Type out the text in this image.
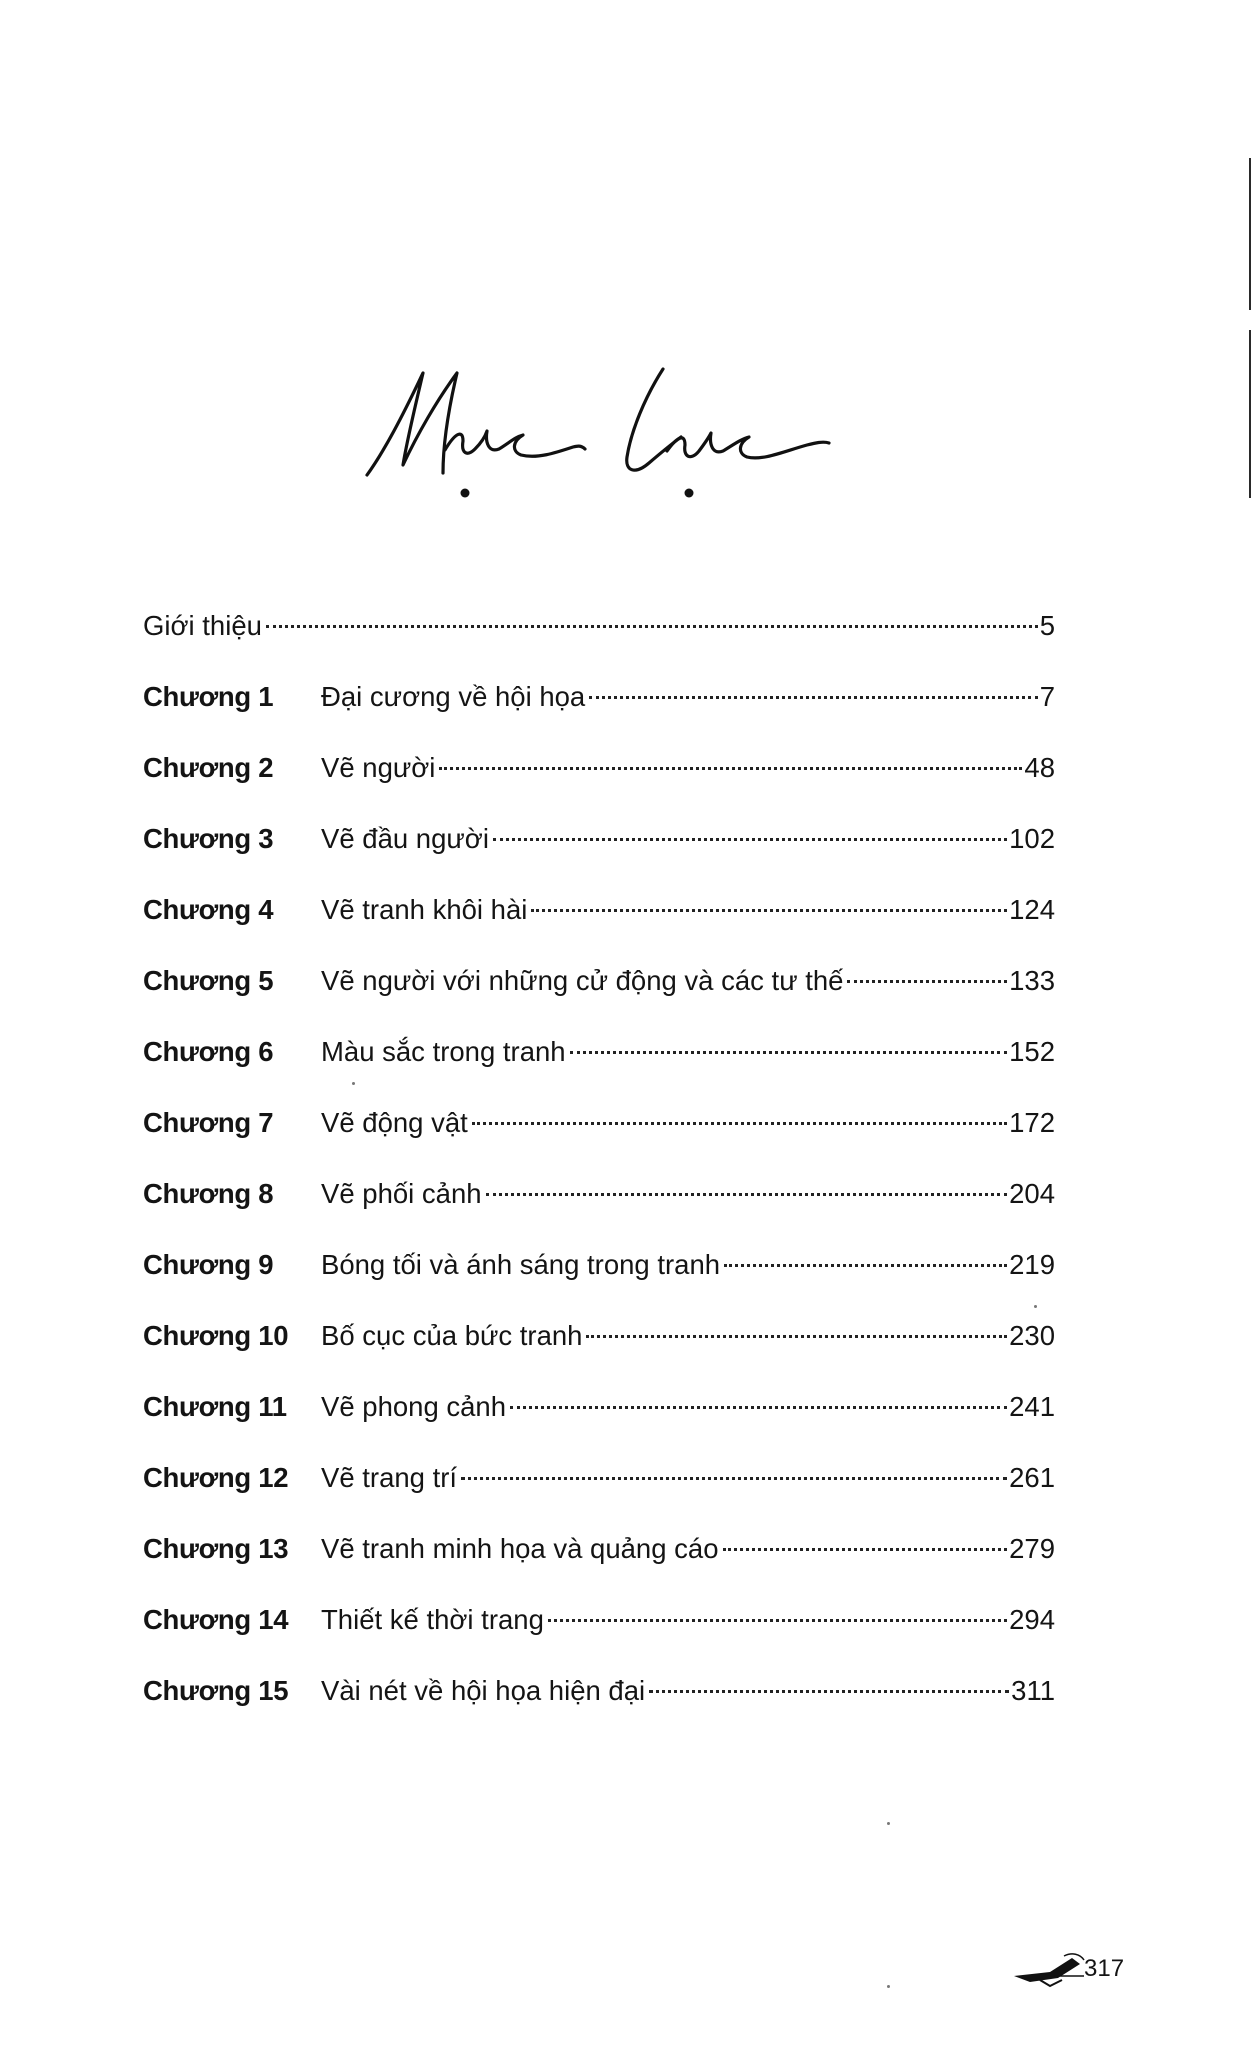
Giới thiệu	5
Chương 1 Đại cương về hội họa	7
Chương 2 Vẽ người	48
Chương 3 Vẽ đầu người	102
Chương 4 Vẽ tranh khôi hài	124
Chương 5 Vẽ người với những cử động và các tư thế	133
Chương 6 Màu sắc trong tranh	152
Chương 7 Vẽ động vật	172
Chương 8 Vẽ phối cảnh	204
Chương 9 Bóng tối và ánh sáng trong tranh	219
Chương 10 Bố cục của bức tranh	230
Chương 11 Vẽ phong cảnh	241
Chương 12 Vẽ trang trí	261
Chương 13 Vẽ tranh minh họa và quảng cáo	279
Chương 14 Thiết kế thời trang	294
Chương 15 Vài nét về hội họa hiện đại	311
317
